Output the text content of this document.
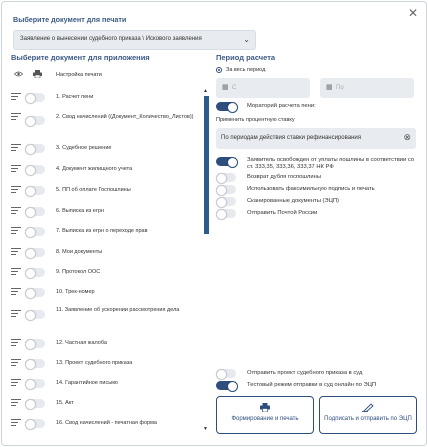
✕
Выберите документ для печати
Заявление о вынесении судебного приказа \ Искового заявления	⌄
Выберите документ для приложения
Настройка печати
1. Расчет пени
2. Свод начислений ((Документ_Количество_Листов))
3. Судебное решение
4. Документ жилищного учета
5. ПП об оплате Госпошлины
6. Выписка из егрн
7. Выписка из егрн о переходе прав
8. Мои документы
9. Протокол ООС
10. Трек-номер
11. Заявление об ускорении рассмотрения дела
12. Частная жалоба
13. Проект судебного приказа
14. Гарантийное письмо
15. Акт
16. Свод начислений - печатная форма
▲
▼
Период расчета
За весь период
▦ С	▦ По
Мораторий расчета пени:
Применить процентную ставку
По периодам действия ставки рефинансирования	⊗
Заявитель освобожден от уплаты пошлины в соответствии со ст. 333,35, 333,36, 333,37 НК РФ
Возврат дубля госпошлины
Использовать факсимильную подпись и печать
Сканированные документы (ЭЦП)
Отправить Почтой России
Отправить проект судебного приказа в суд
Тестовый режим отправки в суд онлайн по ЭЦП
Формирование и печать	Подписать и отправить по ЭЦП
